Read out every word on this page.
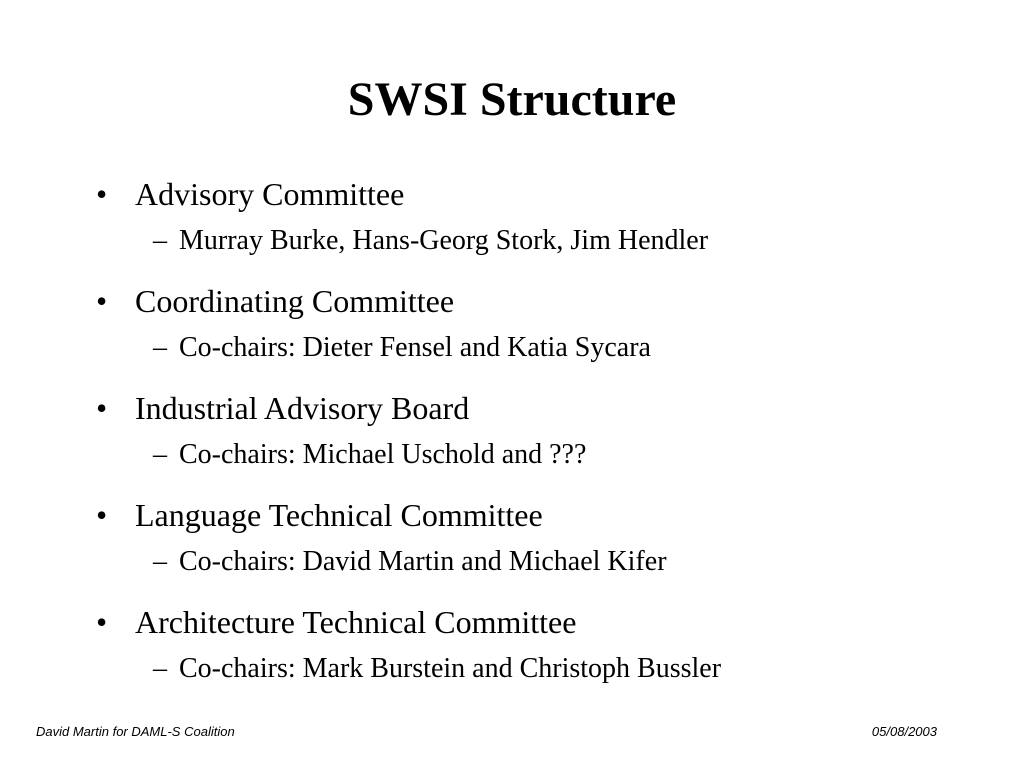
SWSI Structure
• Advisory Committee
– Murray Burke, Hans-Georg Stork, Jim Hendler
• Coordinating Committee
– Co-chairs: Dieter Fensel and Katia Sycara
• Industrial Advisory Board
– Co-chairs: Michael Uschold and ???
• Language Technical Committee
– Co-chairs: David Martin and Michael Kifer
• Architecture Technical Committee
– Co-chairs: Mark Burstein and Christoph Bussler
David Martin for DAML-S Coalition	05/08/2003
